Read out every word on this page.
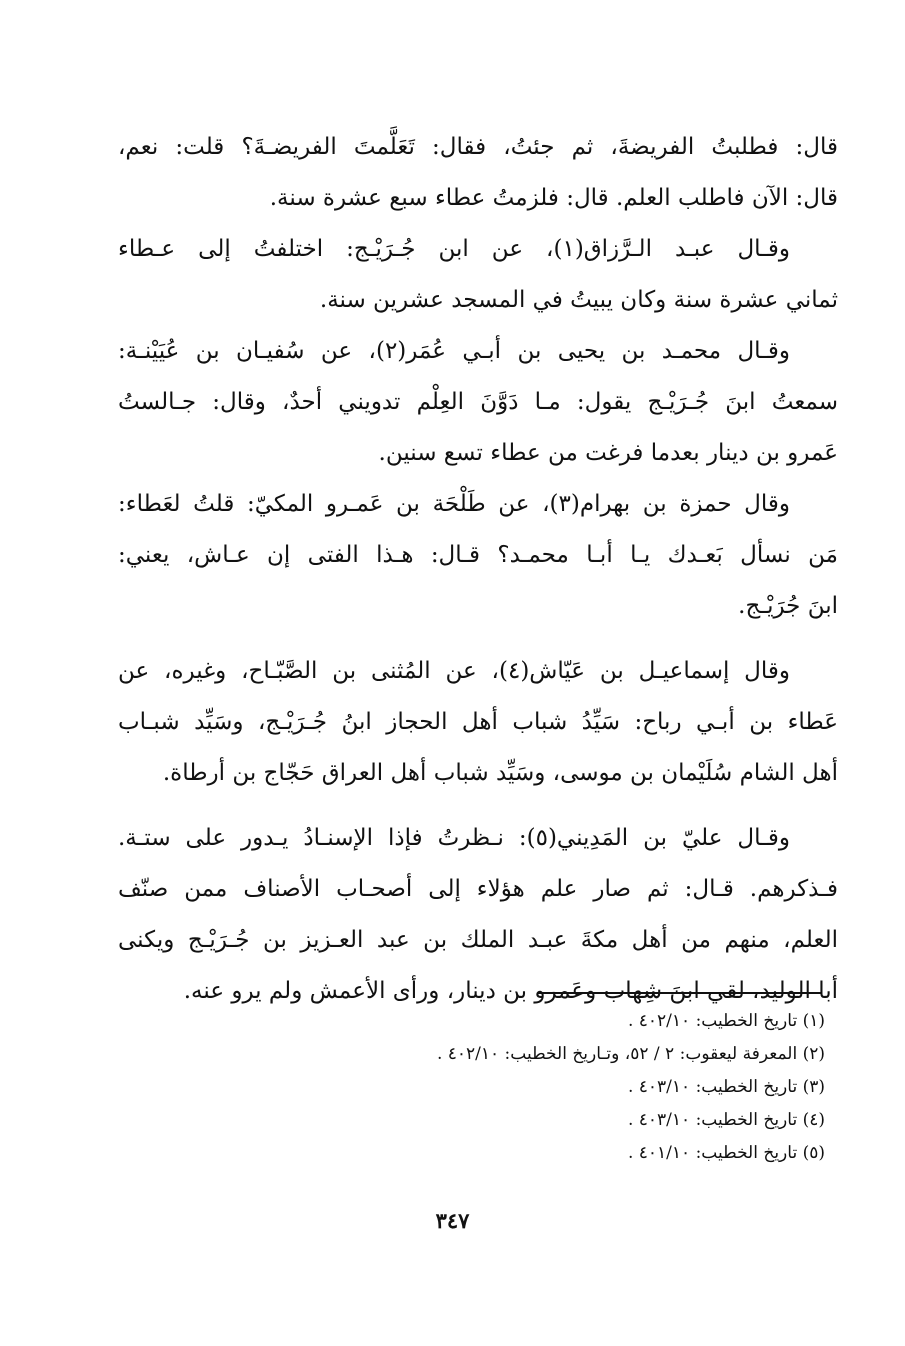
قال: فطلبتُ الفريضةَ، ثم جئتُ، فقال: تَعَلَّمتَ الفريضـةَ؟ قلت: نعم،
قال: الآن فاطلب العلم. قال: فلزمتُ عطاء سبع عشرة سنة.
وقـال عبـد الـرَّزاق(١)، عن ابن جُـرَيْـج: اختلفتُ إلى عـطاء
ثماني عشرة سنة وكان يبيتُ في المسجد عشرين سنة.
وقـال محمـد بن يحيى بن أبـي عُمَر(٢)، عن سُفيـان بن عُيَيْنـة:
سمعتُ ابنَ جُـرَيْـج يقول: مـا دَوَّنَ العِلْم تدويني أحدٌ، وقال: جـالستُ
عَمرو بن دينار بعدما فرغت من عطاء تسع سنين.
وقال حمزة بن بهرام(٣)، عن طَلْحَة بن عَمـرو المكيّ: قلتُ لعَطاء:
مَن نسأل بَعـدك يـا أبـا محمـد؟ قـال: هـذا الفتى إن عـاش، يعني:
ابنَ جُرَيْـج.
وقال إسماعيـل بن عَيّاش(٤)، عن المُثنى بن الصَّبّـاح، وغيره، عن
عَطاء بن أبـي رباح: سَيِّدُ شباب أهل الحجاز ابنُ جُـرَيْـج، وسَيِّد شبـاب
أهل الشام سُلَيْمان بن موسى، وسَيِّد شباب أهل العراق حَجّاج بن أرطاة.
وقـال عليّ بن المَدِيني(٥): نـظرتُ فإذا الإسنـادُ يـدور على ستـة.
فـذكرهم. قـال: ثم صار علم هؤلاء إلى أصحـاب الأصناف ممن صنّف
العلم، منهم من أهل مكةَ عبـد الملك بن عبد العـزيز بن جُـرَيْـج ويكنى
أبا الوليد، لقي ابنَ شِهاب وعَمرو بن دينار، ورأى الأعمش ولم يرو عنه.
(١) تاريخ الخطيب: ٤٠٢/١٠ .
(٢) المعرفة ليعقوب: ٢ / ٥٢، وتـاريخ الخطيب: ٤٠٢/١٠ .
(٣) تاريخ الخطيب: ٤٠٣/١٠ .
(٤) تاريخ الخطيب: ٤٠٣/١٠ .
(٥) تاريخ الخطيب: ٤٠١/١٠ .
٣٤٧
